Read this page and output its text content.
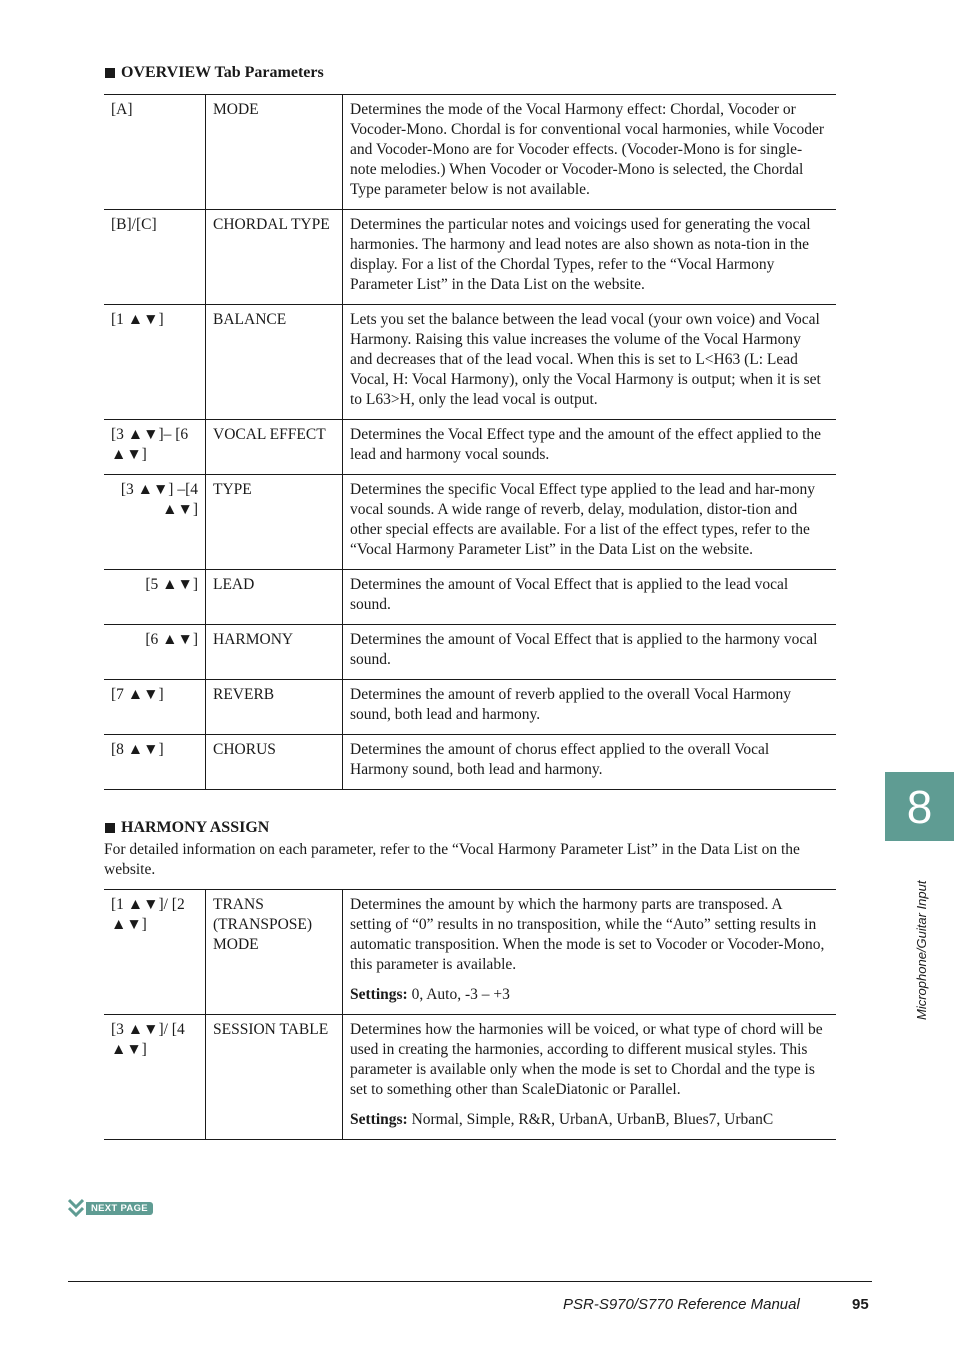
OVERVIEW Tab Parameters
[A]	MODE	Determines the mode of the Vocal Harmony effect: Chordal, Vocoder or Vocoder-Mono. Chordal is for conventional vocal harmonies, while Vocoder and Vocoder-Mono are for Vocoder effects. (Vocoder-Mono is for single-note melodies.) When Vocoder or Vocoder-Mono is selected, the Chordal Type parameter below is not available.
[B]/[C]	CHORDAL TYPE	Determines the particular notes and voicings used for generating the vocal harmonies. The harmony and lead notes are also shown as nota-tion in the display. For a list of the Chordal Types, refer to the “Vocal Harmony Parameter List” in the Data List on the website.
[1 ▲▼]	BALANCE	Lets you set the balance between the lead vocal (your own voice) and Vocal Harmony. Raising this value increases the volume of the Vocal Harmony and decreases that of the lead vocal. When this is set to L<H63 (L: Lead Vocal, H: Vocal Harmony), only the Vocal Harmony is output; when it is set to L63>H, only the lead vocal is output.
[3 ▲▼]– [6 ▲▼]	VOCAL EFFECT	Determines the Vocal Effect type and the amount of the effect applied to the lead and harmony vocal sounds.
[3 ▲▼] –[4 ▲▼]	TYPE	Determines the specific Vocal Effect type applied to the lead and har-mony vocal sounds. A wide range of reverb, delay, modulation, distor-tion and other special effects are available. For a list of the effect types, refer to the “Vocal Harmony Parameter List” in the Data List on the website.
[5 ▲▼]	LEAD	Determines the amount of Vocal Effect that is applied to the lead vocal sound.
[6 ▲▼]	HARMONY	Determines the amount of Vocal Effect that is applied to the harmony vocal sound.
[7 ▲▼]	REVERB	Determines the amount of reverb applied to the overall Vocal Harmony sound, both lead and harmony.
[8 ▲▼]	CHORUS	Determines the amount of chorus effect applied to the overall Vocal Harmony sound, both lead and harmony.
HARMONY ASSIGN
For detailed information on each parameter, refer to the “Vocal Harmony Parameter List” in the Data List on the website.
[1 ▲▼]/ [2 ▲▼]	TRANS (TRANSPOSE) MODE	Determines the amount by which the harmony parts are transposed. A setting of “0” results in no transposition, while the “Auto” setting results in automatic transposition. When the mode is set to Vocoder or Vocoder-Mono, this parameter is available.
Settings: 0, Auto, -3 – +3

[3 ▲▼]/ [4 ▲▼]	SESSION TABLE	Determines how the harmonies will be voiced, or what type of chord will be used in creating the harmonies, according to different musical styles. This parameter is available only when the mode is set to Chordal and the type is set to something other than ScaleDiatonic or Parallel.
Settings: Normal, Simple, R&R, UrbanA, UrbanB, Blues7, UrbanC
8
Microphone/Guitar Input
NEXT PAGE
PSR-S970/S770 Reference Manual	95
